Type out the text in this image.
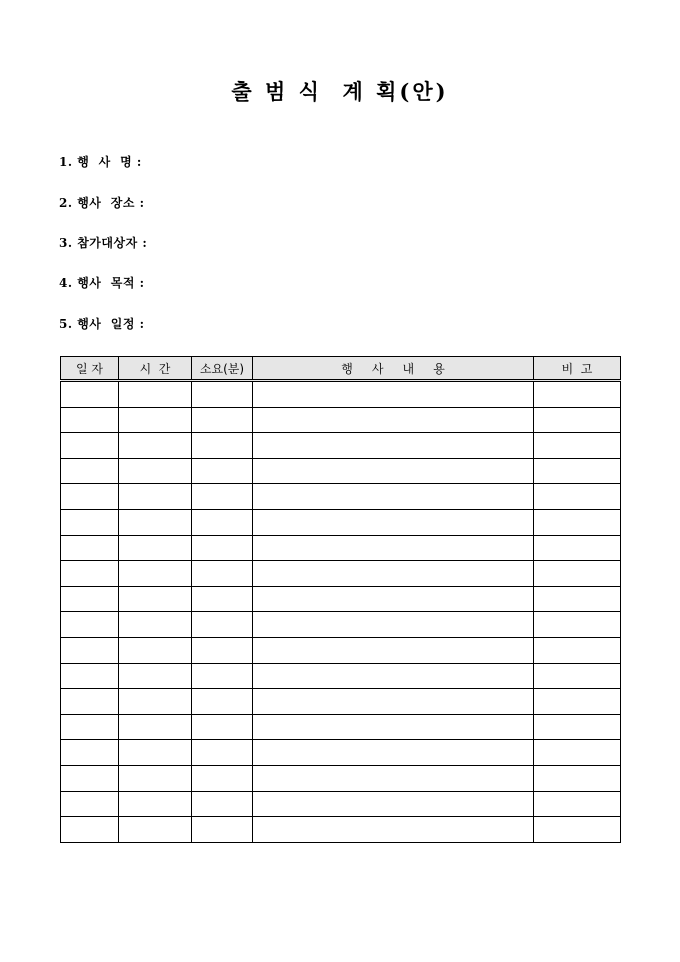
출 범 식  계 획(안)
1. 행  사  명 :
2. 행사  장소 :
3. 참가대상자 :
4. 행사  목적 :
5. 행사  일정 :
일 자	시  간	소요(분)	행     사     내     용	비  고
